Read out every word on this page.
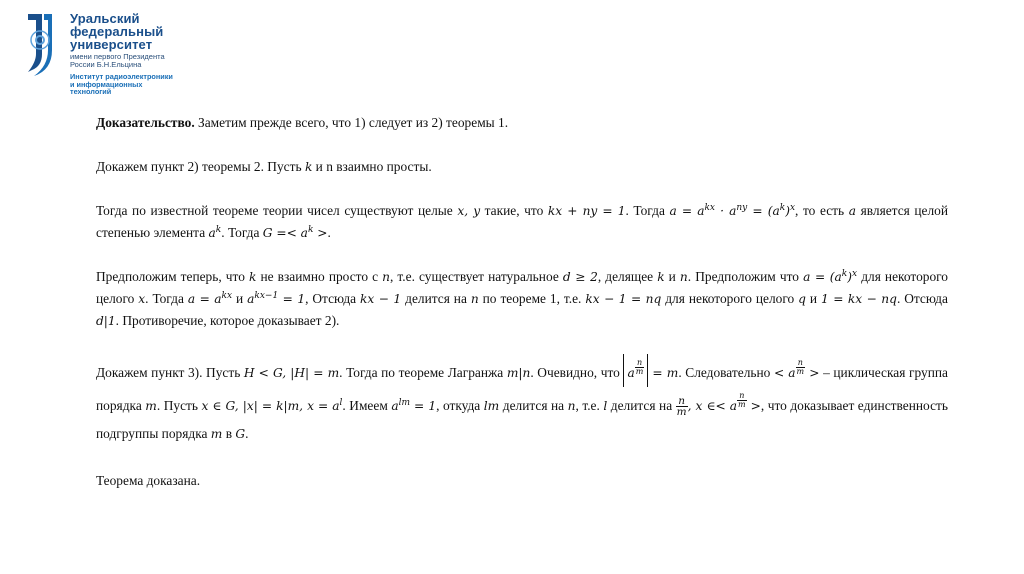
Уральский
федеральный
университет
имени первого Президента
России Б.Н.Ельцина
Институт радиоэлектроники
и информационных
технологий

Доказательство. Заметим прежде всего, что 1) следует из 2) теоремы 1.

Докажем пункт 2) теоремы 2. Пусть k и n взаимно просты.

Тогда по известной теореме теории чисел существуют целые x, y такие, что kx + ny = 1. Тогда $a = a^{kx} \cdot a^{ny} = (a^k)^x$, то есть a является целой степенью элемента $a^k$. Тогда $G =< a^k$ >.

Предположим теперь, что k не взаимно просто с n, т.е. существует натуральное d ≥ 2, делящее k и n. Предположим что $a = (a^k)^x$ для некоторого целого x. Тогда $a = a^{kx}$ и $a^{kx-1} = 1$, Отсюда kx − 1 делится на n по теореме 1, т.е. kx − 1 = nq для некоторого целого q и 1 = kx − nq. Отсюда d|1. Противоречие, которое доказывает 2).

Докажем пункт 3). Пусть H < G, |H| = m. Тогда по теореме Лагранжа m|n. Очевидно, что a $\frac{n}{m} = m$. Следовательно < a $\frac{n}{m}$ > – циклическая группа порядка m. Пусть x ∈ G, |x| = k|m, $x = a^l$. Имеем $a^{lm} = 1$, откуда lm делится на n, т.е. l делится на $\frac{n}{m}$ , x ∈< a $\frac{n}{m}$ >, что доказывает единственность подгруппы порядка m в G.

Теорема доказана.
